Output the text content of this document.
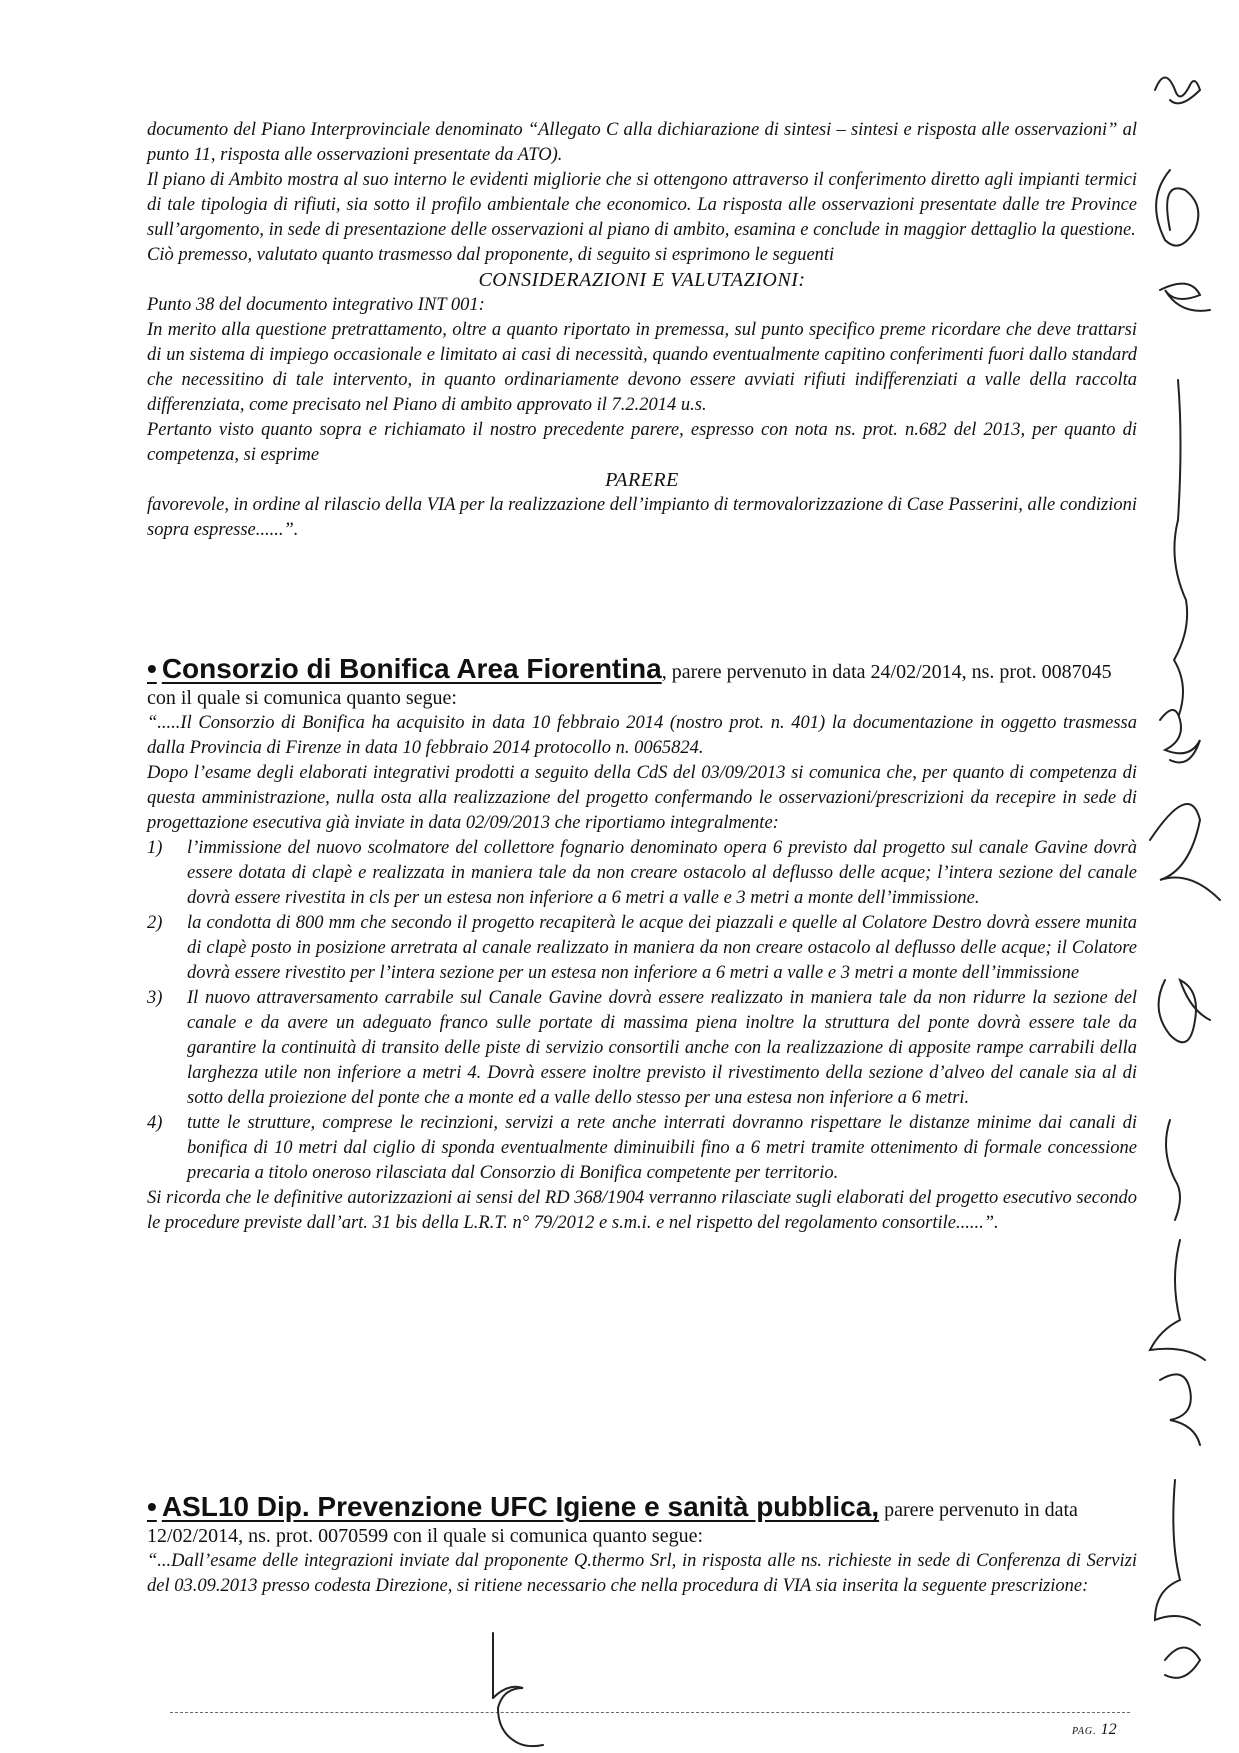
documento del Piano Interprovinciale denominato “Allegato C alla dichiarazione di sintesi – sintesi e risposta alle osservazioni” al punto 11, risposta alle osservazioni presentate da ATO).
Il piano di Ambito mostra al suo interno le evidenti migliorie che si ottengono attraverso il conferimento diretto agli impianti termici di tale tipologia di rifiuti, sia sotto il profilo ambientale che economico. La risposta alle osservazioni presentate dalle tre Province sull’argomento, in sede di presentazione delle osservazioni al piano di ambito, esamina e conclude in maggior dettaglio la questione.
Ciò premesso, valutato quanto trasmesso dal proponente, di seguito si esprimono le seguenti
CONSIDERAZIONI E VALUTAZIONI:
Punto 38 del documento integrativo INT 001:
In merito alla questione pretrattamento, oltre a quanto riportato in premessa, sul punto specifico preme ricordare che deve trattarsi di un sistema di impiego occasionale e limitato ai casi di necessità, quando eventualmente capitino conferimenti fuori dallo standard che necessitino di tale intervento, in quanto ordinariamente devono essere avviati rifiuti indifferenziati a valle della raccolta differenziata, come precisato nel Piano di ambito approvato il 7.2.2014 u.s.
Pertanto visto quanto sopra e richiamato il nostro precedente parere, espresso con nota ns. prot. n.682 del 2013, per quanto di competenza, si esprime
PARERE
favorevole, in ordine al rilascio della VIA per la realizzazione dell’impianto di termovalorizzazione di Case Passerini, alle condizioni sopra espresse......”.
• Consorzio di Bonifica Area Fiorentina, parere pervenuto in data 24/02/2014, ns. prot. 0087045 con il quale si comunica quanto segue:
“.....Il Consorzio di Bonifica ha acquisito in data 10 febbraio 2014 (nostro prot. n. 401) la documentazione in oggetto trasmessa dalla Provincia di Firenze in data 10 febbraio 2014 protocollo n. 0065824.
Dopo l’esame degli elaborati integrativi prodotti a seguito della CdS del 03/09/2013 si comunica che, per quanto di competenza di questa amministrazione, nulla osta alla realizzazione del progetto confermando le osservazioni/prescrizioni da recepire in sede di progettazione esecutiva già inviate in data 02/09/2013 che riportiamo integralmente:
1)	l’immissione del nuovo scolmatore del collettore fognario denominato opera 6 previsto dal progetto sul canale Gavine dovrà essere dotata di clapè e realizzata in maniera tale da non creare ostacolo al deflusso delle acque; l’intera sezione del canale dovrà essere rivestita in cls per un estesa non inferiore a 6 metri a valle e 3 metri a monte dell’immissione.
2)	la condotta di 800 mm che secondo il progetto recapiterà le acque dei piazzali e quelle al Colatore Destro dovrà essere munita di clapè posto in posizione arretrata al canale realizzato in maniera da non creare ostacolo al deflusso delle acque; il Colatore dovrà essere rivestito per l’intera sezione per un estesa non inferiore a 6 metri a valle e 3 metri a monte dell’immissione
3)	Il nuovo attraversamento carrabile sul Canale Gavine dovrà essere realizzato in maniera tale da non ridurre la sezione del canale e da avere un adeguato franco sulle portate di massima piena inoltre la struttura del ponte dovrà essere tale da garantire la continuità di transito delle piste di servizio consortili anche con la realizzazione di apposite rampe carrabili della larghezza utile non inferiore a metri 4. Dovrà essere inoltre previsto il rivestimento della sezione d’alveo del canale sia al di sotto della proiezione del ponte che a monte ed a valle dello stesso per una estesa non inferiore a 6 metri.
4)	tutte le strutture, comprese le recinzioni, servizi a rete anche interrati dovranno rispettare le distanze minime dai canali di bonifica di 10 metri dal ciglio di sponda eventualmente diminuibili fino a 6 metri tramite ottenimento di formale concessione precaria a titolo oneroso rilasciata dal Consorzio di Bonifica competente per territorio.
Si ricorda che le definitive autorizzazioni ai sensi del RD 368/1904 verranno rilasciate sugli elaborati del progetto esecutivo secondo le procedure previste dall’art. 31 bis della L.R.T. n° 79/2012 e s.m.i. e nel rispetto del regolamento consortile......”.
• ASL10 Dip. Prevenzione UFC Igiene e sanità pubblica, parere pervenuto in data 12/02/2014, ns. prot. 0070599 con il quale si comunica quanto segue:
“...Dall’esame delle integrazioni inviate dal proponente Q.thermo Srl, in risposta alle ns. richieste in sede di Conferenza di Servizi del 03.09.2013 presso codesta Direzione, si ritiene necessario che nella procedura di VIA sia inserita la seguente prescrizione:
PAG. 12
